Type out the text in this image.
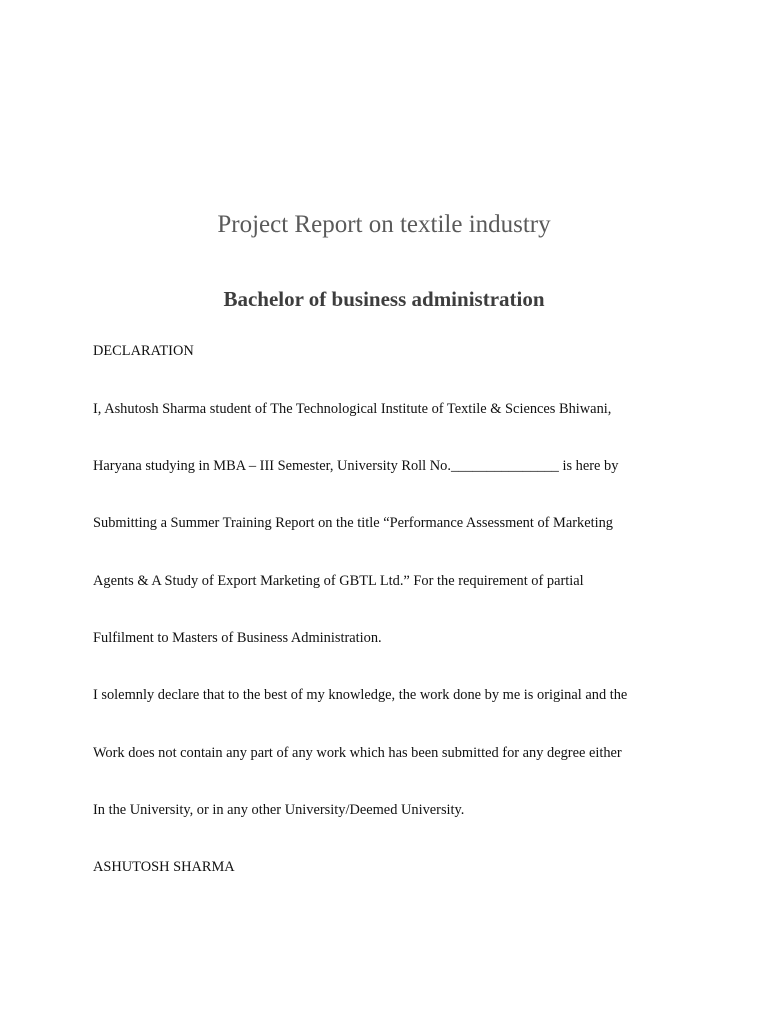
Project Report on textile industry
Bachelor of business administration

DECLARATION

I, Ashutosh Sharma student of The Technological Institute of Textile & Sciences Bhiwani,

Haryana studying in MBA – III Semester, University Roll No._______________ is here by

Submitting a Summer Training Report on the title “Performance Assessment of Marketing

Agents & A Study of Export Marketing of GBTL Ltd.” For the requirement of partial

Fulfilment to Masters of Business Administration.

I solemnly declare that to the best of my knowledge, the work done by me is original and the

Work does not contain any part of any work which has been submitted for any degree either

In the University, or in any other University/Deemed University.

ASHUTOSH SHARMA
